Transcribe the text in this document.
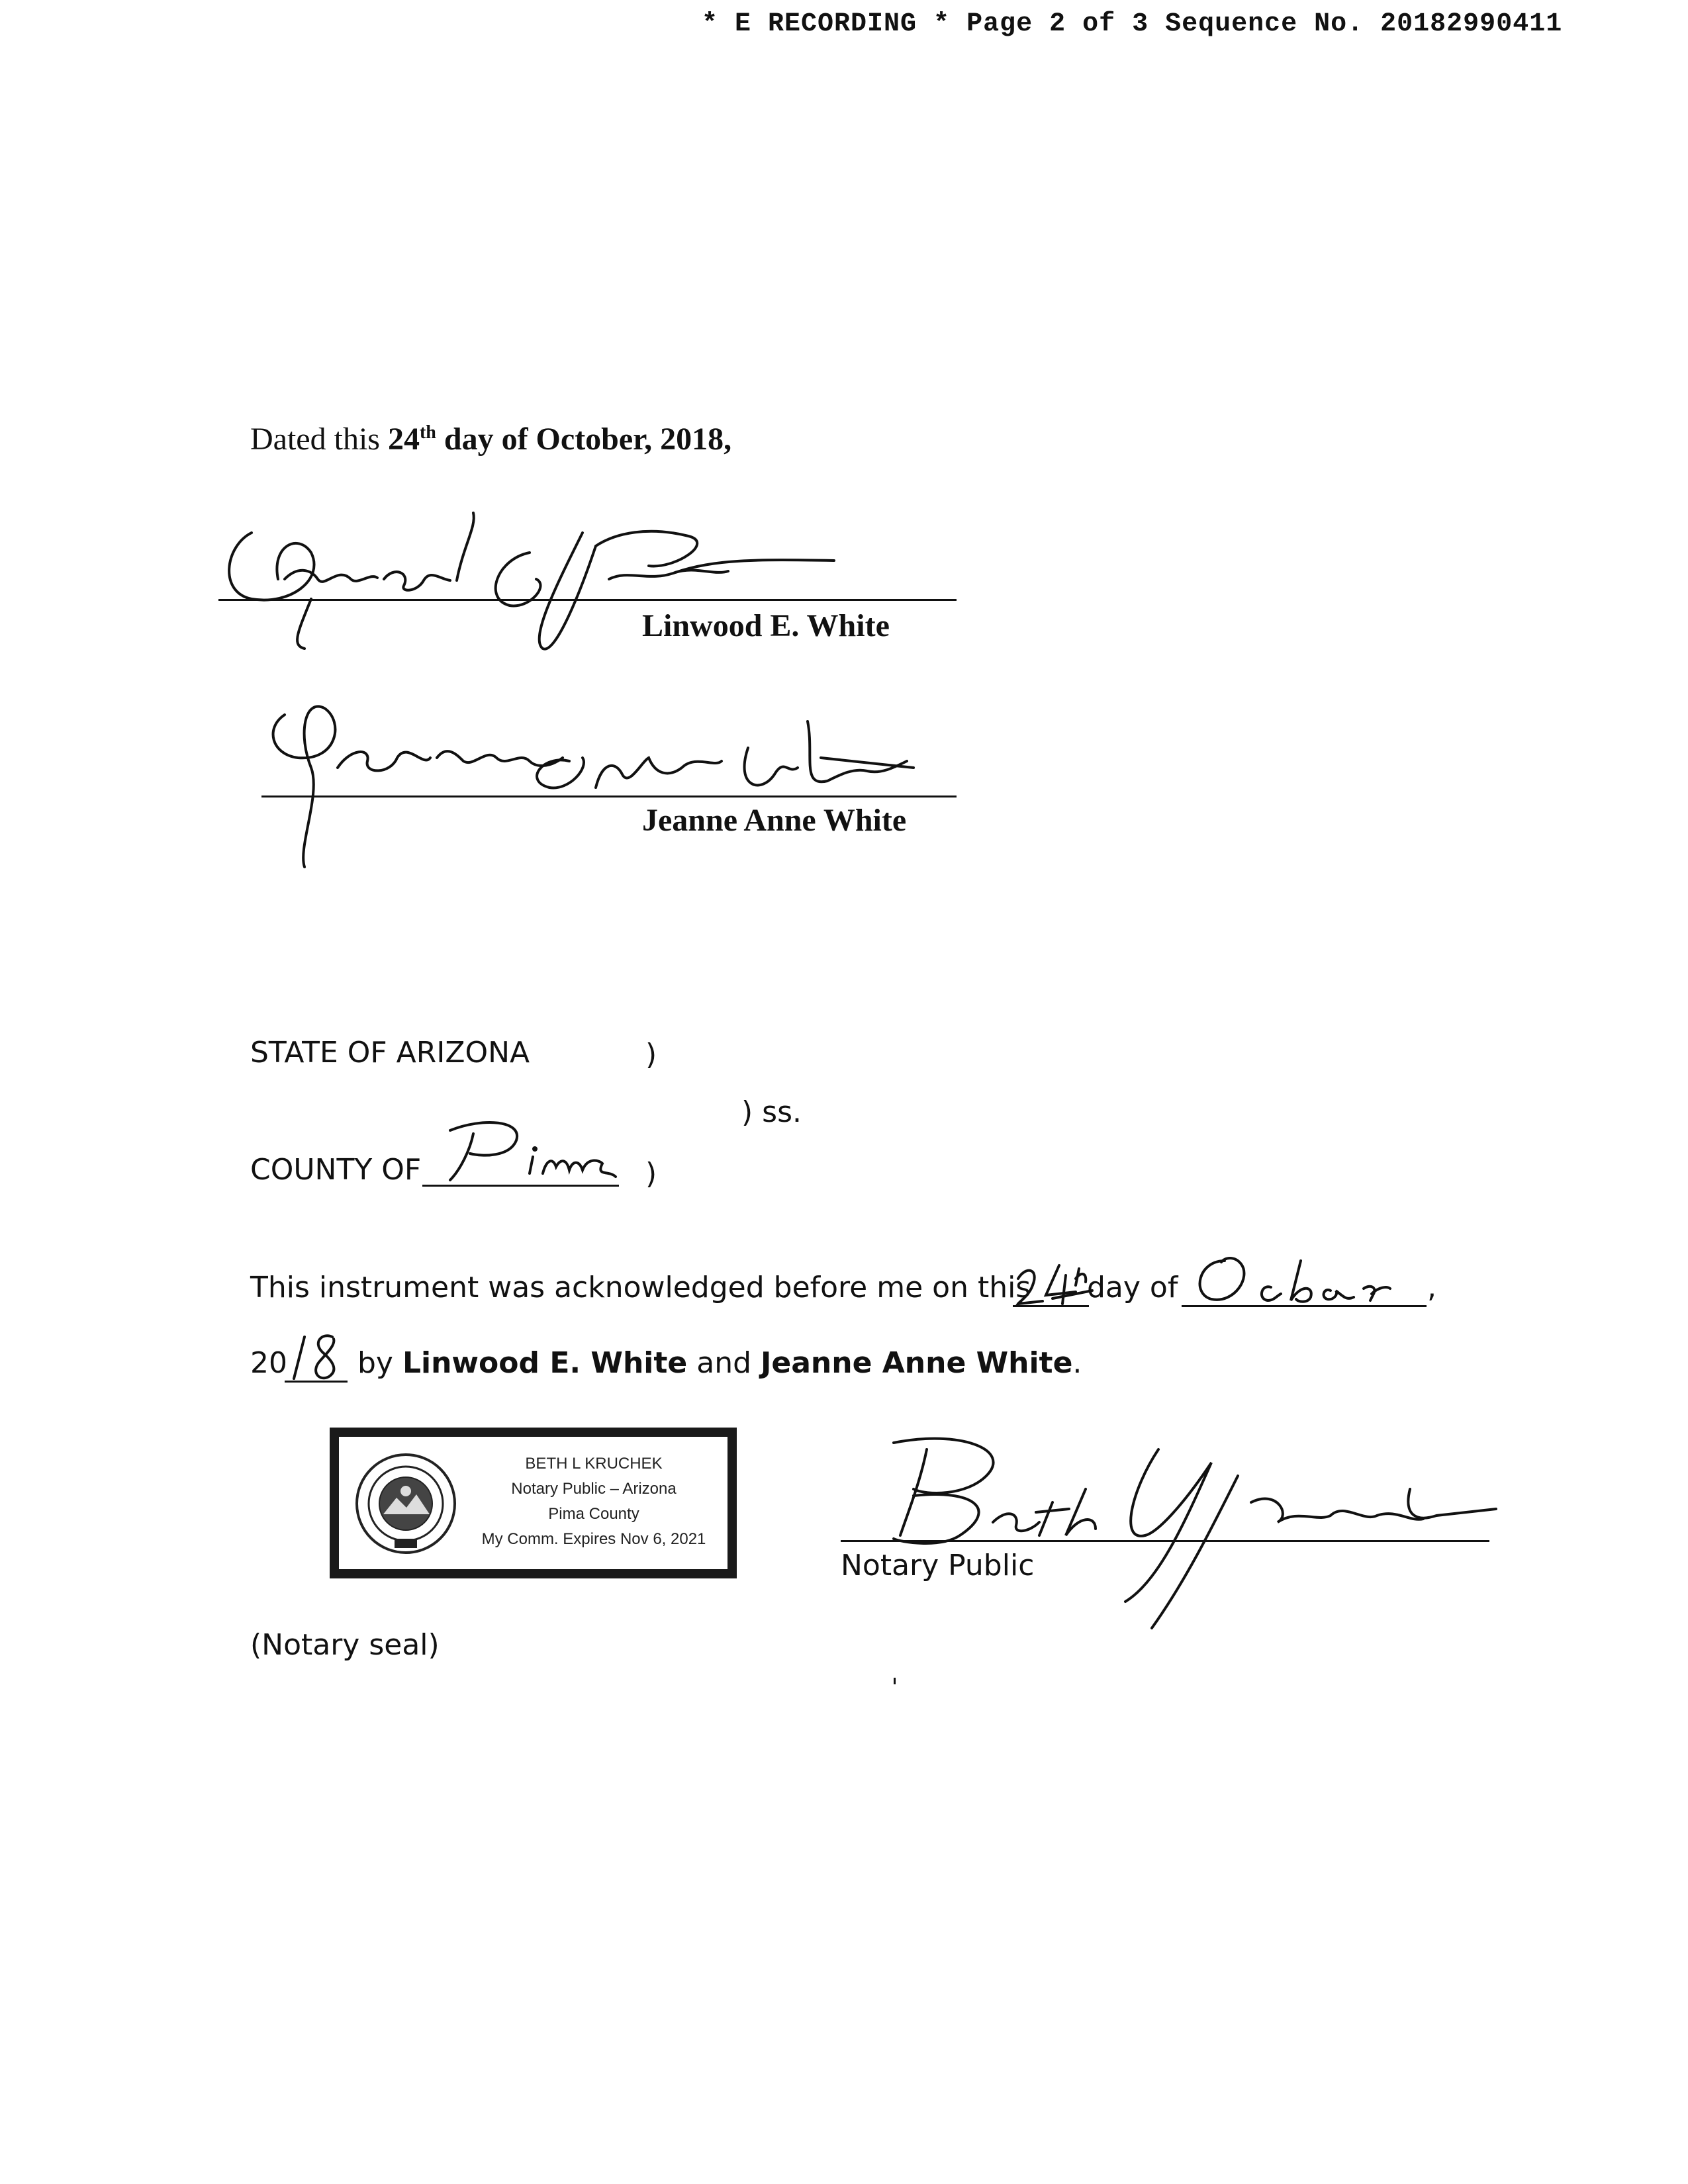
* E RECORDING * Page 2 of 3 Sequence No. 20182990411
Dated this 24th day of October, 2018,
Linwood E. White
Jeanne Anne White
STATE OF ARIZONA	)
) ss.
COUNTY OF	)
This instrument was acknowledged before me on this day of	,
20 by Linwood E. White and Jeanne Anne White.
BETH L KRUCHEK
Notary Public – Arizona
Pima County
My Comm. Expires Nov 6, 2021
Notary Public
(Notary seal)
